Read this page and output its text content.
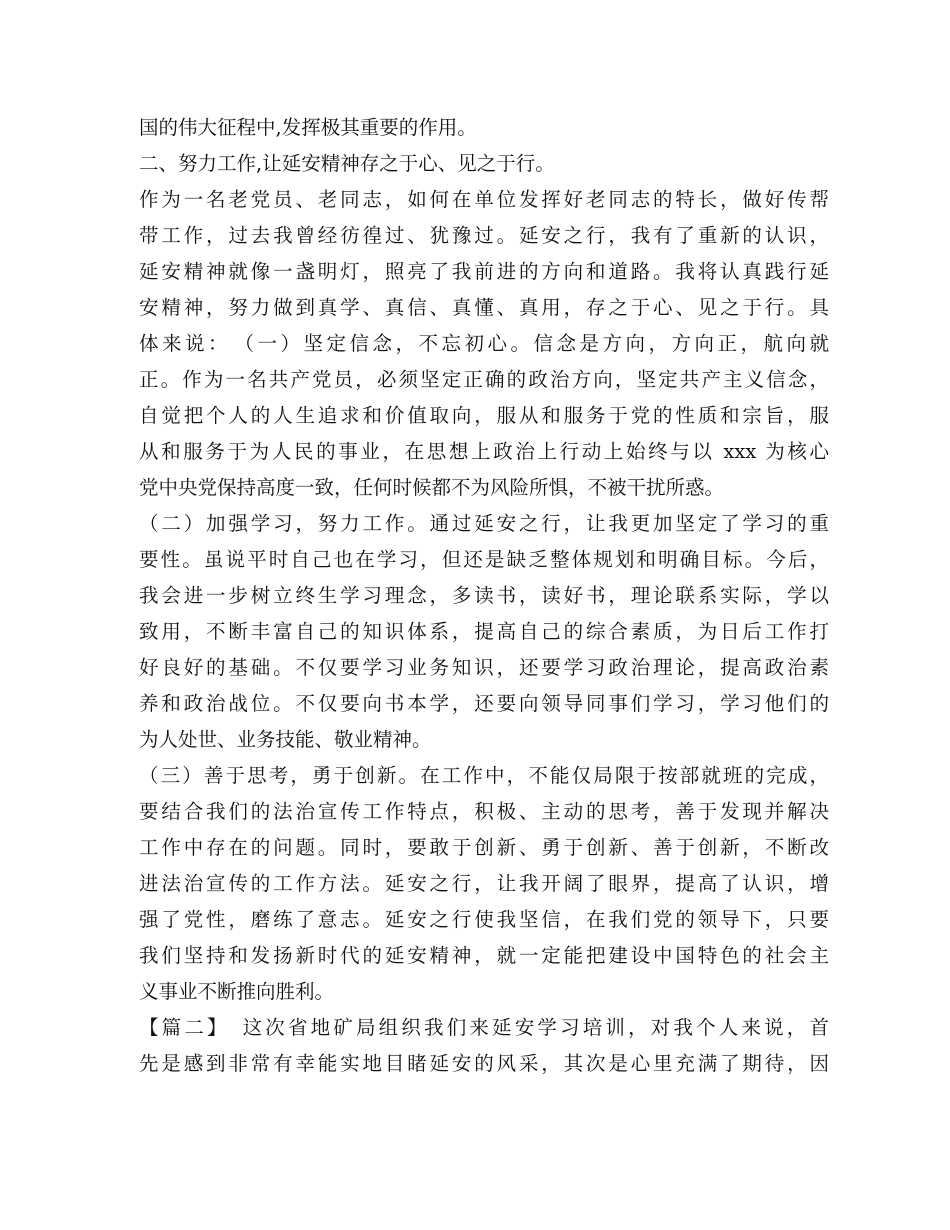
国的伟大征程中,发挥极其重要的作用。
二、努力工作,让延安精神存之于心、见之于行。
作为一名老党员、老同志，如何在单位发挥好老同志的特长，做好传帮
带工作，过去我曾经彷徨过、犹豫过。延安之行，我有了重新的认识，
延安精神就像一盏明灯，照亮了我前进的方向和道路。我将认真践行延
安精神，努力做到真学、真信、真懂、真用，存之于心、见之于行。具
体来说：　（一）坚定信念，不忘初心。信念是方向，方向正，航向就
正。作为一名共产党员，必须坚定正确的政治方向，坚定共产主义信念，
自觉把个人的人生追求和价值取向，服从和服务于党的性质和宗旨，服
从和服务于为人民的事业，在思想上政治上行动上始终与以 xxx 为核心
党中央党保持高度一致，任何时候都不为风险所惧，不被干扰所惑。
（二）加强学习，努力工作。通过延安之行，让我更加坚定了学习的重
要性。虽说平时自己也在学习，但还是缺乏整体规划和明确目标。今后，
我会进一步树立终生学习理念，多读书，读好书，理论联系实际，学以
致用，不断丰富自己的知识体系，提高自己的综合素质，为日后工作打
好良好的基础。不仅要学习业务知识，还要学习政治理论，提高政治素
养和政治战位。不仅要向书本学，还要向领导同事们学习，学习他们的
为人处世、业务技能、敬业精神。
（三）善于思考，勇于创新。在工作中，不能仅局限于按部就班的完成，
要结合我们的法治宣传工作特点，积极、主动的思考，善于发现并解决
工作中存在的问题。同时，要敢于创新、勇于创新、善于创新，不断改
进法治宣传的工作方法。延安之行，让我开阔了眼界，提高了认识，增
强了党性，磨练了意志。延安之行使我坚信，在我们党的领导下，只要
我们坚持和发扬新时代的延安精神，就一定能把建设中国特色的社会主
义事业不断推向胜利。
【篇二】　这次省地矿局组织我们来延安学习培训，对我个人来说，首
先是感到非常有幸能实地目睹延安的风采，其次是心里充满了期待，因
